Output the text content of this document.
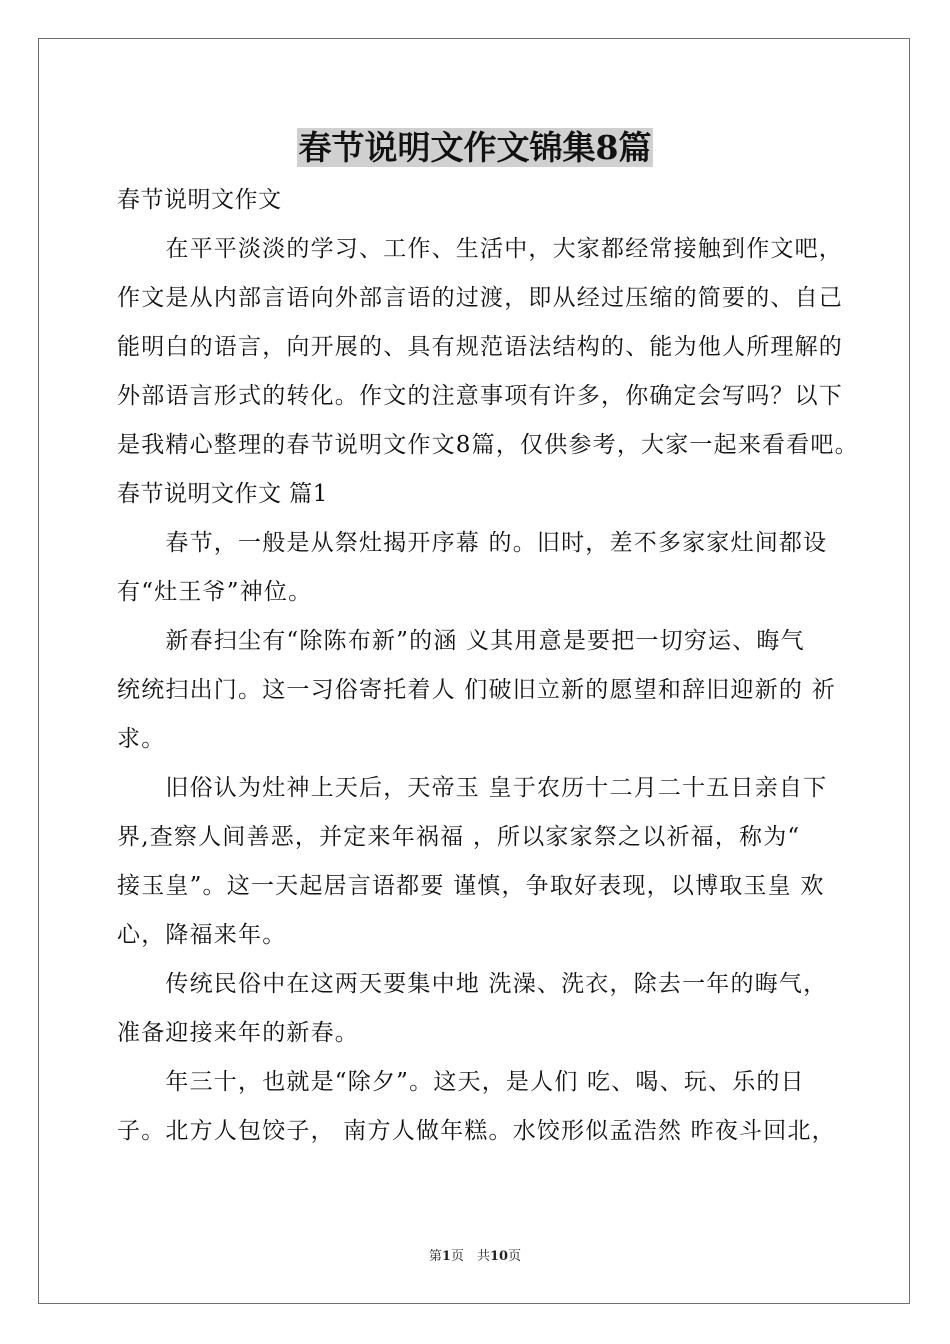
春节说明文作文锦集8篇
春节说明文作文
　　在平平淡淡的学习、工作、生活中，大家都经常接触到作文吧，
作文是从内部言语向外部言语的过渡，即从经过压缩的简要的、自己
能明白的语言，向开展的、具有规范语法结构的、能为他人所理解的
外部语言形式的转化。作文的注意事项有许多，你确定会写吗？以下
是我精心整理的春节说明文作文8篇，仅供参考，大家一起来看看吧。
春节说明文作文 篇1
　　春节，一般是从祭灶揭开序幕 的。旧时，差不多家家灶间都设
有“灶王爷”神位。
　　新春扫尘有“除陈布新”的涵 义其用意是要把一切穷运、晦气
统统扫出门。这一习俗寄托着人 们破旧立新的愿望和辞旧迎新的 祈
求。
　　旧俗认为灶神上天后，天帝玉 皇于农历十二月二十五日亲自下
界,查察人间善恶，并定来年祸福 ，所以家家祭之以祈福，称为“
接玉皇”。这一天起居言语都要 谨慎，争取好表现，以博取玉皇 欢
心，降福来年。
　　传统民俗中在这两天要集中地 洗澡、洗衣，除去一年的晦气，
准备迎接来年的新春。
　　年三十，也就是“除夕”。这天，是人们 吃、喝、玩、乐的日
子。北方人包饺子， 南方人做年糕。水饺形似孟浩然 昨夜斗回北，
第1页　共10页
